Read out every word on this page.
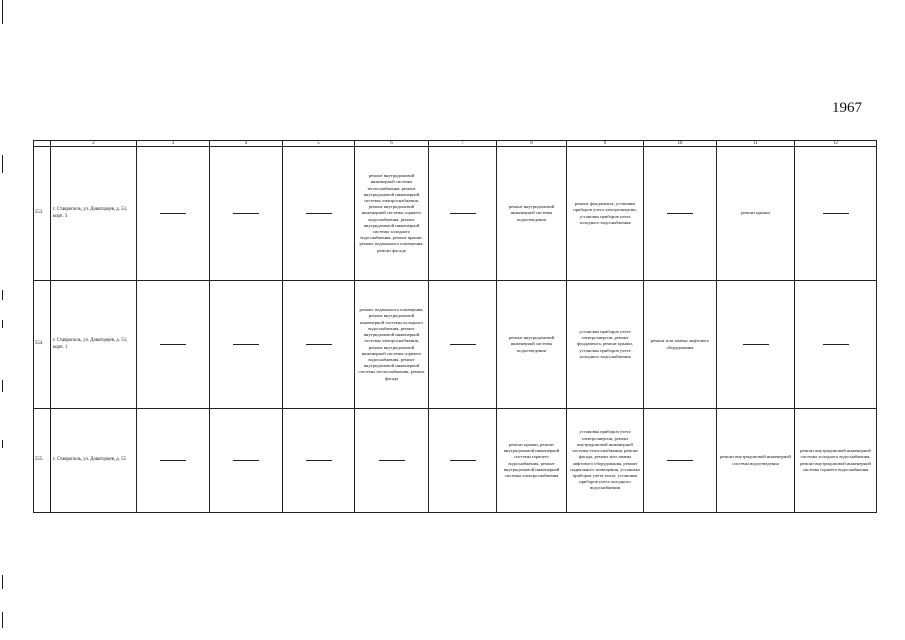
1967
	2	3	4	5	6	7	8	9	10	11	12
553.	г. Ставрополь, ул. Доваторцев, д. 53, корп. 3				ремонт внутридомовой инженерной системы теплоснабжения, ремонт внутридомовой инженерной системы электроснабжения, ремонт внутридомовой инженерной системы горячего водоснабжения, ремонт внутридомовой инженерной системы холодного водоснабжения, ремонт крыши, ремонт подвального помещения, ремонт фасада		ремонт внутридомовой инженерной системы водоотведения	ремонт фундамента, установка приборов учета электроэнергии, установка приборов учета холодного водоснабжения		ремонт крыши	
554.	г. Ставрополь, ул. Доваторцев, д. 53, корп. 1				ремонт подвального помещения, ремонт внутридомовой инженерной системы холодного водоснабжения, ремонт внутридомовой инженерной системы электроснабжения, ремонт внутридомовой инженерной системы горячего водоснабжения, ремонт внутридомовой инженерной системы теплоснабжения, ремонт фасада		ремонт внутридомовой инженерной системы водоотведения	установка приборов учета электроэнергии, ремонт фундамента, ремонт крыши, установка приборов учета холодного водоснабжения	ремонт или замена лифтового оборудования		
555.	г. Ставрополь, ул. Доваторцев, д. 55						ремонт крыши, ремонт внутридомовой инженерной системы горячего водоснабжения, ремонт внутридомовой инженерной системы электроснабжения	установка приборов учета электроэнергии, ремонт внутридомовой инженерной системы теплоснабжения, ремонт фасада, ремонт или замена лифтового оборудования, ремонт подвального помещения, установка приборов учета тепла, установка приборов учета холодного водоснабжения		ремонт внутридомовой инженерной системы водоотведения	ремонт внутридомовой инженерной системы холодного водоснабжения, ремонт внутридомовой инженерной системы горячего водоснабжения
